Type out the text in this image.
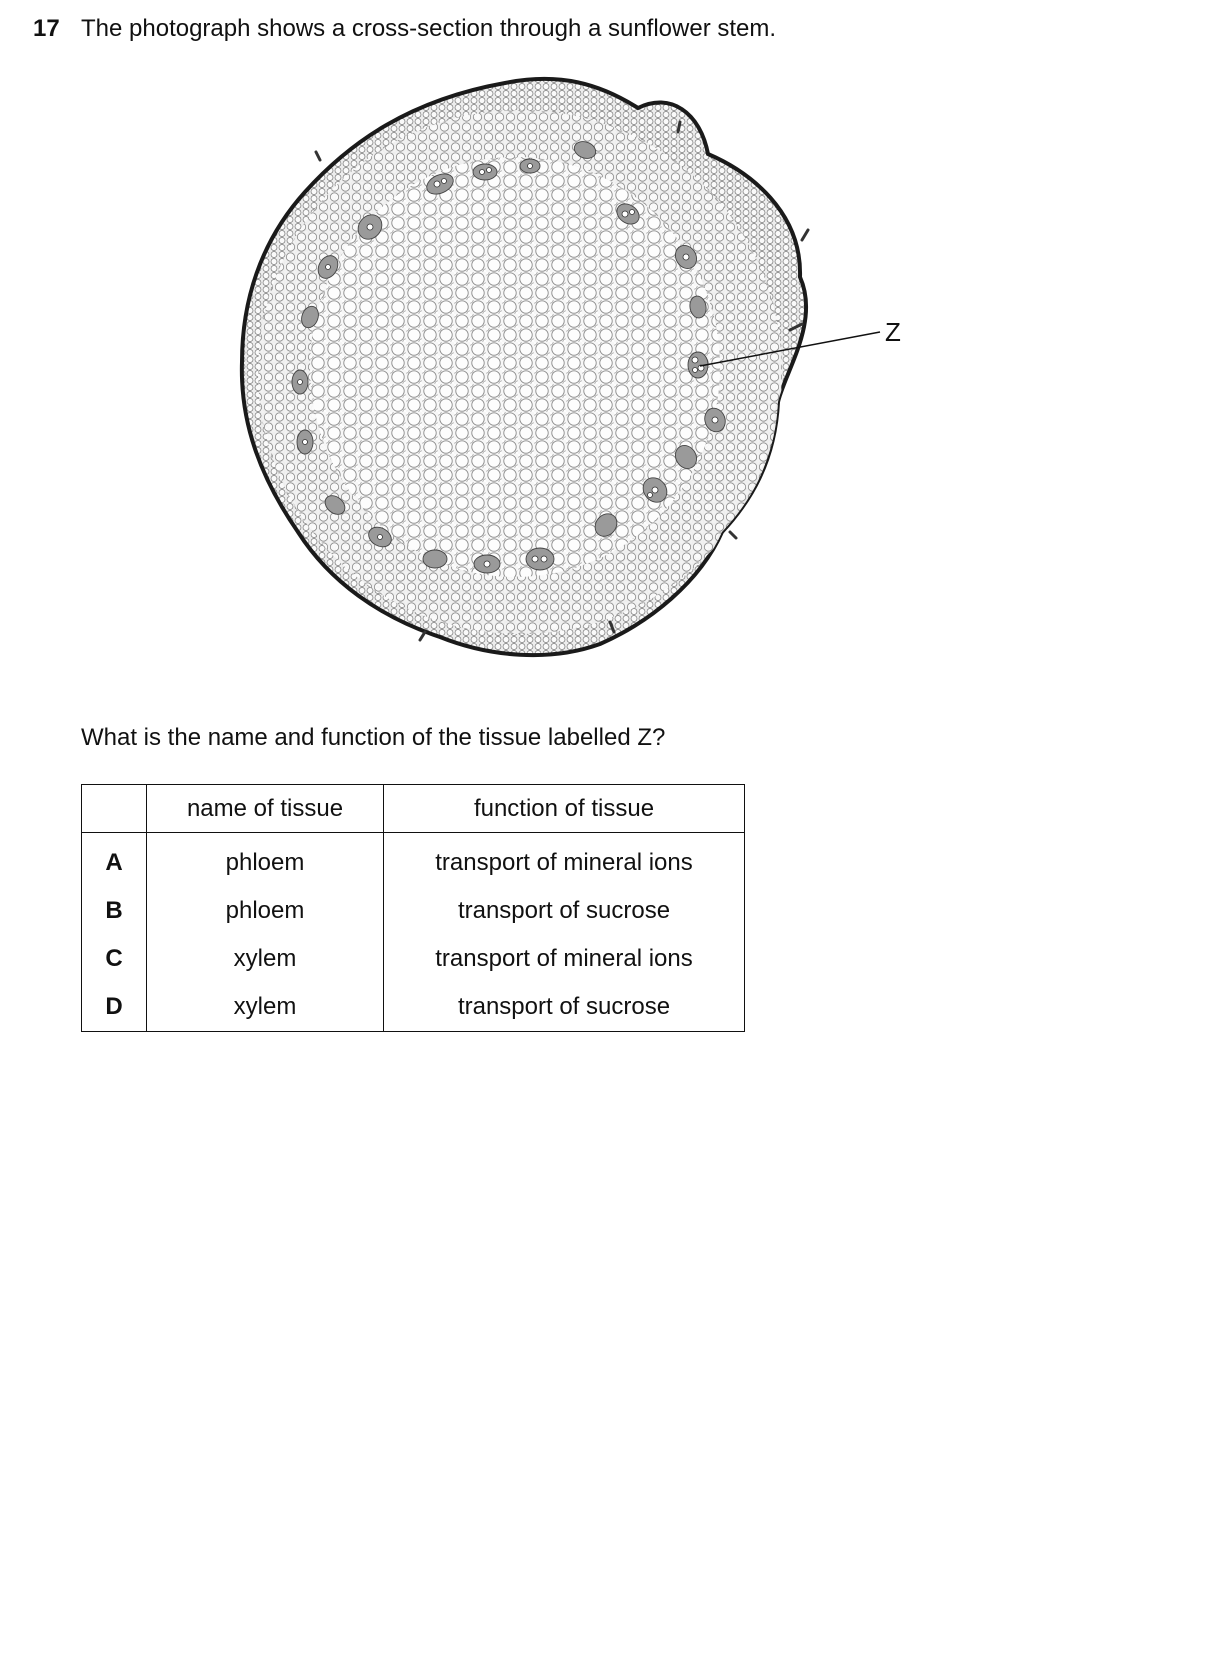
17 The photograph shows a cross-section through a sunflower stem.
Z
What is the name and function of the tissue labelled Z?
	name of tissue	function of tissue
A	phloem	transport of mineral ions
B	phloem	transport of sucrose
C	xylem	transport of mineral ions
D	xylem	transport of sucrose
